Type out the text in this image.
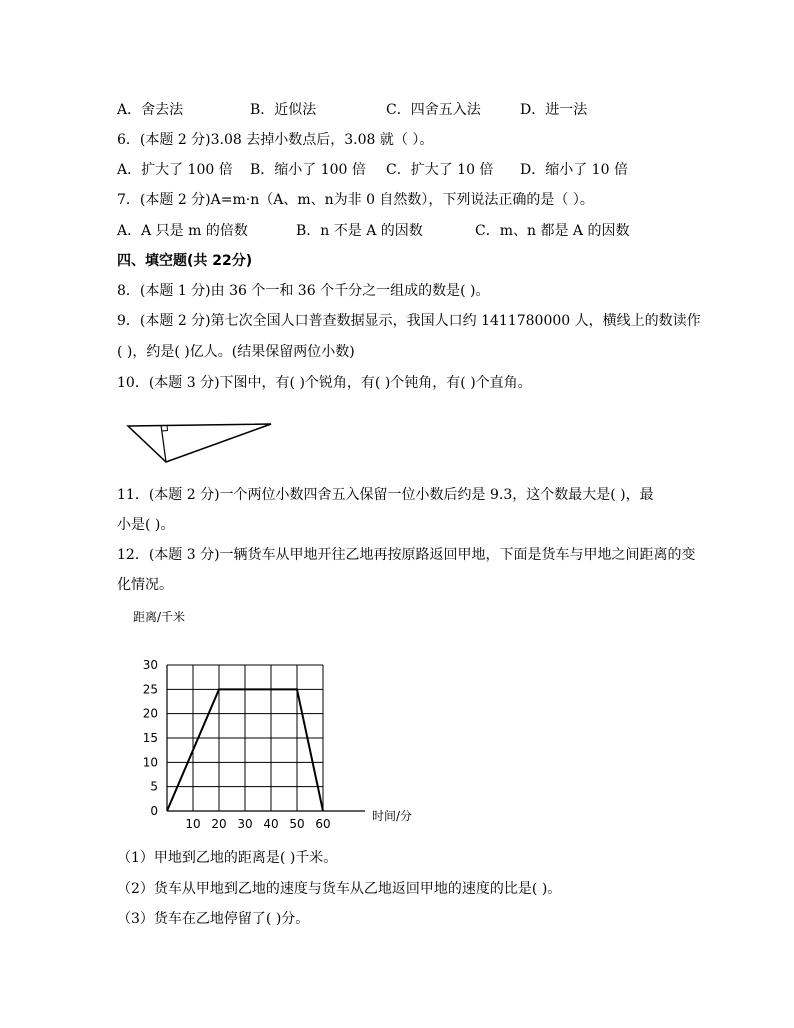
A．舍去法	B．近似法	C．四舍五入法	D．进一法
6．(本题 2 分)3.08 去掉小数点后，3.08 就（ ）。
A．扩大了 100 倍 B．缩小了 100 倍 C．扩大了 10 倍 D．缩小了 10 倍
7．(本题 2 分)A=m·n（A、m、n为非 0 自然数），下列说法正确的是（ ）。
A．A 只是 m 的倍数	B．n 不是 A 的因数	C．m、n 都是 A 的因数
四、填空题(共 22分)
8．(本题 1 分)由 36 个一和 36 个千分之一组成的数是( )。
9．(本题 2 分)第七次全国人口普查数据显示，我国人口约 1411780000 人，横线上的数读作
( )，约是( )亿人。(结果保留两位小数)
10．(本题 3 分)下图中，有( )个锐角，有( )个钝角，有( )个直角。
11．(本题 2 分)一个两位小数四舍五入保留一位小数后约是 9.3，这个数最大是( )，最
小是( )。
12．(本题 3 分)一辆货车从甲地开往乙地再按原路返回甲地，下面是货车与甲地之间距离的变
化情况。
10 20 30 40 50 60
0
5
10
15
20
25
30
距离/千米
时间/分
（1）甲地到乙地的距离是( )千米。
（2）货车从甲地到乙地的速度与货车从乙地返回甲地的速度的比是( )。
（3）货车在乙地停留了( )分。
